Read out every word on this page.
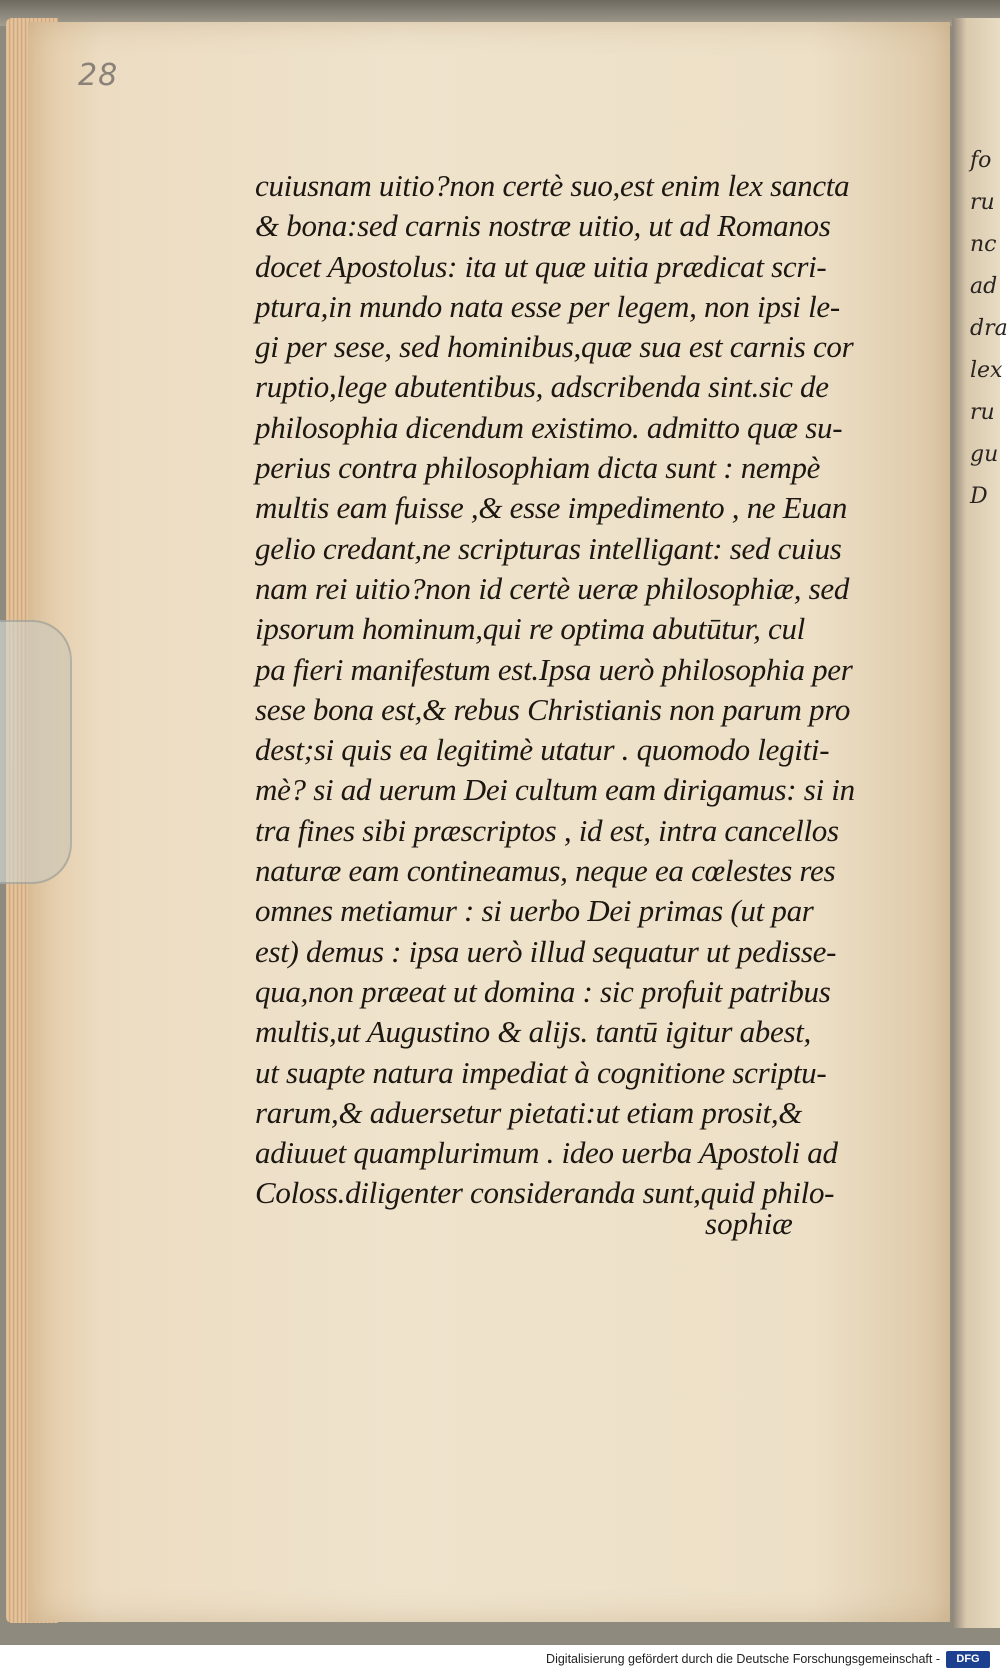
fo
ru
nc
ad
dra
lex
ru
gu
D
28
cuiusnam uitio?non certè suo,est enim lex sancta
& bona:sed carnis nostræ uitio, ut ad Romanos
docet Apostolus: ita ut quæ uitia prædicat scri-
ptura,in mundo nata esse per legem, non ipsi le-
gi per sese, sed hominibus,quæ sua est carnis cor
ruptio,lege abutentibus, adscribenda sint.sic de
philosophia dicendum existimo. admitto quæ su-
perius contra philosophiam dicta sunt : nempè
multis eam fuisse ,& esse impedimento , ne Euan
gelio credant,ne scripturas intelligant: sed cuius
nam rei uitio?non id certè ueræ philosophiæ, sed
ipsorum hominum,qui re optima abutūtur, cul
pa fieri manifestum est.Ipsa uerò philosophia per
sese bona est,& rebus Christianis non parum pro
dest;si quis ea legitimè utatur . quomodo legiti-
mè? si ad uerum Dei cultum eam dirigamus: si in
tra fines sibi præscriptos , id est, intra cancellos
naturæ eam contineamus, neque ea cœlestes res
omnes metiamur : si uerbo Dei primas (ut par
est) demus : ipsa uerò illud sequatur ut pedisse-
qua,non præeat ut domina : sic profuit patribus
multis,ut Augustino & alijs. tantū igitur abest,
ut suapte natura impediat à cognitione scriptu-
rarum,& aduersetur pietati:ut etiam prosit,&
adiuuet quamplurimum . ideo uerba Apostoli ad
Coloss.diligenter consideranda sunt,quid philo-
sophiæ
Digitalisierung gefördert durch die Deutsche Forschungsgemeinschaft -	DFG
